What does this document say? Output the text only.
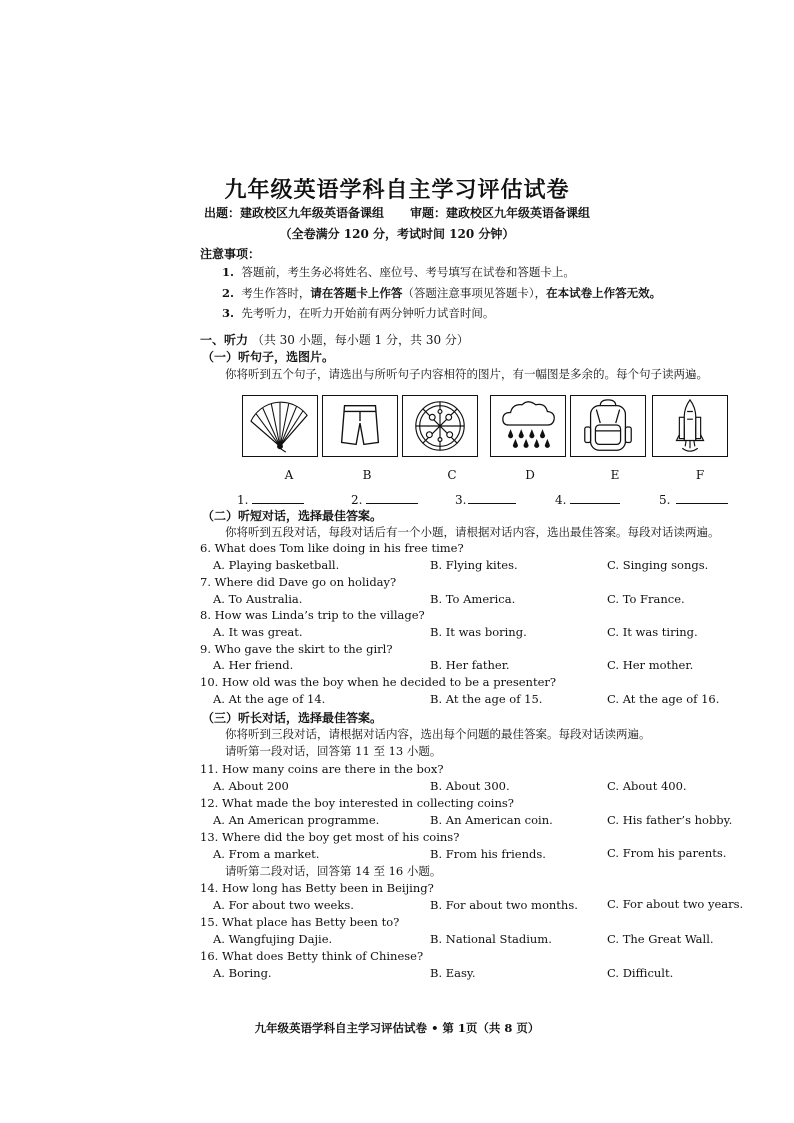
九年级英语学科自主学习评估试卷
出题：建政校区九年级英语备课组 审题：建政校区九年级英语备课组
（全卷满分 120 分，考试时间 120 分钟）
注意事项：
1. 答题前，考生务必将姓名、座位号、考号填写在试卷和答题卡上。
2. 考生作答时，请在答题卡上作答（答题注意事项见答题卡），在本试卷上作答无效。
3. 先考听力，在听力开始前有两分钟听力试音时间。
一、听力 （共 30 小题，每小题 1 分，共 30 分）
（一）听句子，选图片。
你将听到五个句子，请选出与所听句子内容相符的图片，有一幅图是多余的。每个句子读两遍。
A	B	C	D	E	F
1.	2.	3.	4.	5.
（二）听短对话，选择最佳答案。
你将听到五段对话，每段对话后有一个小题，请根据对话内容，选出最佳答案。每段对话读两遍。
6. What does Tom like doing in his free time?
A. Playing basketball.	B. Flying kites.	C. Singing songs.
7. Where did Dave go on holiday?
A. To Australia.	B. To America.	C. To France.
8. How was Linda’s trip to the village?
A. It was great.	B. It was boring.	C. It was tiring.
9. Who gave the skirt to the girl?
A. Her friend.	B. Her father.	C. Her mother.
10. How old was the boy when he decided to be a presenter?
A. At the age of 14.	B. At the age of 15.	C. At the age of 16.
（三）听长对话，选择最佳答案。
你将听到三段对话，请根据对话内容，选出每个问题的最佳答案。每段对话读两遍。
请听第一段对话，回答第 11 至 13 小题。
11. How many coins are there in the box?
A. About 200	B. About 300.	C. About 400.
12. What made the boy interested in collecting coins?
A. An American programme.	B. An American coin.	C. His father’s hobby.
13. Where did the boy get most of his coins?
A. From a market.	B. From his friends.	C. From his parents.
请听第二段对话，回答第 14 至 16 小题。
14. How long has Betty been in Beijing?
A. For about two weeks.	B. For about two months.	C. For about two years.
15. What place has Betty been to?
A. Wangfujing Dajie.	B. National Stadium.	C. The Great Wall.
16. What does Betty think of Chinese?
A. Boring.	B. Easy.	C. Difficult.
九年级英语学科自主学习评估试卷 • 第 1页（共 8 页）
